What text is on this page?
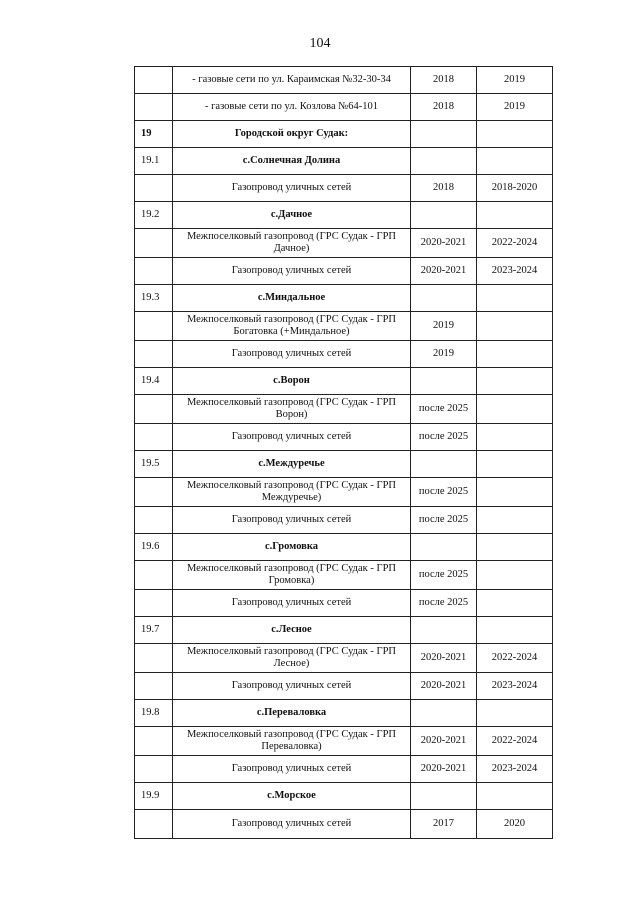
104
	- газовые сети по ул. Караимская №32-30-34	2018	2019
	- газовые сети по ул. Козлова №64-101	2018	2019
19	Городской округ Судак:		
19.1	с.Солнечная Долина		
	Газопровод уличных сетей	2018	2018-2020
19.2	с.Дачное		
	Межпоселковый газопровод (ГРС Судак - ГРП Дачное)	2020-2021	2022-2024
	Газопровод уличных сетей	2020-2021	2023-2024
19.3	с.Миндальное		
	Межпоселковый газопровод (ГРС Судак - ГРП Богатовка (+Миндальное)	2019	
	Газопровод уличных сетей	2019	
19.4	с.Ворон		
	Межпоселковый газопровод (ГРС Судак - ГРП Ворон)	после 2025	
	Газопровод уличных сетей	после 2025	
19.5	с.Междуречье		
	Межпоселковый газопровод (ГРС Судак - ГРП Междуречье)	после 2025	
	Газопровод уличных сетей	после 2025	
19.6	с.Громовка		
	Межпоселковый газопровод (ГРС Судак - ГРП Громовка)	после 2025	
	Газопровод уличных сетей	после 2025	
19.7	с.Лесное		
	Межпоселковый газопровод (ГРС Судак - ГРП Лесное)	2020-2021	2022-2024
	Газопровод уличных сетей	2020-2021	2023-2024
19.8	с.Переваловка		
	Межпоселковый газопровод (ГРС Судак - ГРП Переваловка)	2020-2021	2022-2024
	Газопровод уличных сетей	2020-2021	2023-2024
19.9	с.Морское		
	Газопровод уличных сетей	2017	2020
